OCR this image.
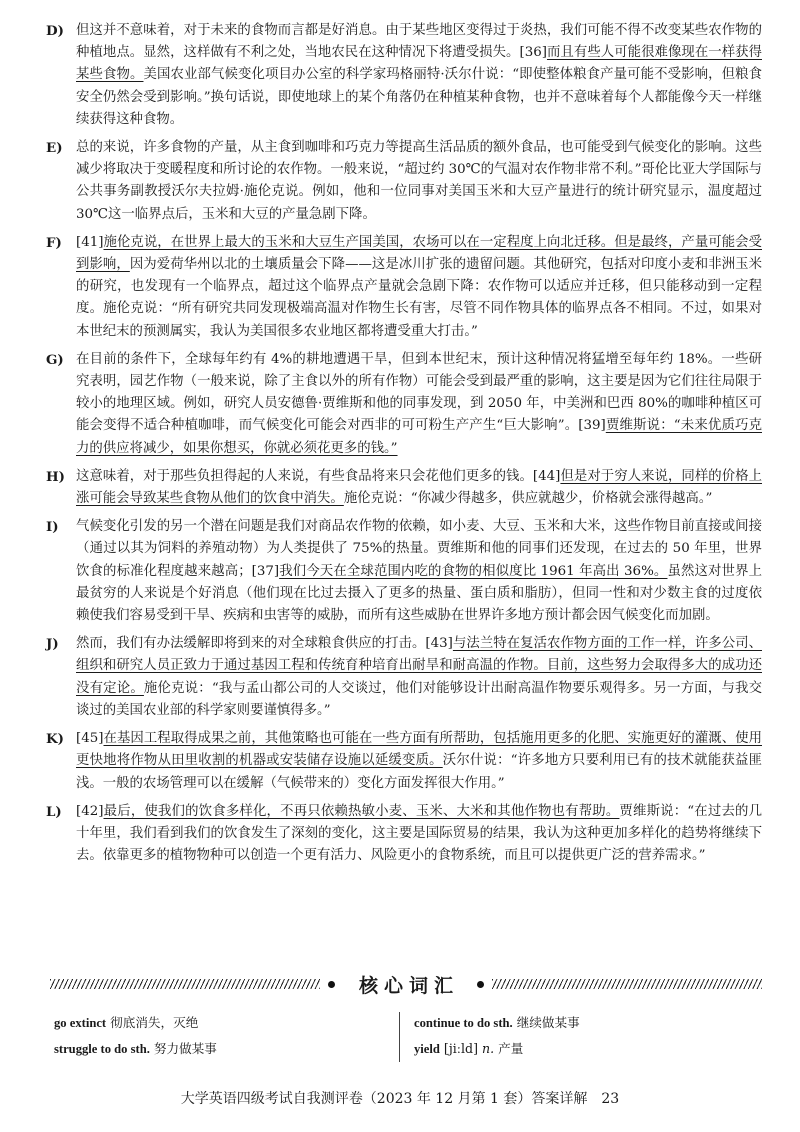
D) 但这并不意味着，对于未来的食物而言都是好消息。由于某些地区变得过于炎热，我们可能不得不改变某些农作物的种植地点。显然，这样做有不利之处，当地农民在这种情况下将遭受损失。[36]而且有些人可能很难像现在一样获得某些食物。美国农业部气候变化项目办公室的科学家玛格丽特·沃尔什说：“即使整体粮食产量可能不受影响，但粮食安全仍然会受到影响。”换句话说，即使地球上的某个角落仍在种植某种食物，也并不意味着每个人都能像今天一样继续获得这种食物。

E) 总的来说，许多食物的产量，从主食到咖啡和巧克力等提高生活品质的额外食品，也可能受到气候变化的影响。这些减少将取决于变暖程度和所讨论的农作物。一般来说，“超过约 30℃的气温对农作物非常不利。”哥伦比亚大学国际与公共事务副教授沃尔夫拉姆·施伦克说。例如，他和一位同事对美国玉米和大豆产量进行的统计研究显示，温度超过 30℃这一临界点后，玉米和大豆的产量急剧下降。

F) [41]施伦克说，在世界上最大的玉米和大豆生产国美国，农场可以在一定程度上向北迁移。但是最终，产量可能会受到影响，因为爱荷华州以北的土壤质量会下降——这是冰川扩张的遗留问题。其他研究，包括对印度小麦和非洲玉米的研究，也发现有一个临界点，超过这个临界点产量就会急剧下降：农作物可以适应并迁移，但只能移动到一定程度。施伦克说：“所有研究共同发现极端高温对作物生长有害，尽管不同作物具体的临界点各不相同。不过，如果对本世纪末的预测属实，我认为美国很多农业地区都将遭受重大打击。”

G) 在目前的条件下，全球每年约有 4%的耕地遭遇干旱，但到本世纪末，预计这种情况将猛增至每年约 18%。一些研究表明，园艺作物（一般来说，除了主食以外的所有作物）可能会受到最严重的影响，这主要是因为它们往往局限于较小的地理区域。例如，研究人员安德鲁·贾维斯和他的同事发现，到 2050 年，中美洲和巴西 80%的咖啡种植区可能会变得不适合种植咖啡，而气候变化可能会对西非的可可粉生产产生“巨大影响”。[39]贾维斯说：“未来优质巧克力的供应将减少，如果你想买，你就必须花更多的钱。”

H) 这意味着，对于那些负担得起的人来说，有些食品将来只会花他们更多的钱。[44]但是对于穷人来说，同样的价格上涨可能会导致某些食物从他们的饮食中消失。施伦克说：“你减少得越多，供应就越少，价格就会涨得越高。”

I) 气候变化引发的另一个潜在问题是我们对商品农作物的依赖，如小麦、大豆、玉米和大米，这些作物目前直接或间接（通过以其为饲料的养殖动物）为人类提供了 75%的热量。贾维斯和他的同事们还发现，在过去的 50 年里，世界饮食的标准化程度越来越高；[37]我们今天在全球范围内吃的食物的相似度比 1961 年高出 36%。虽然这对世界上最贫穷的人来说是个好消息（他们现在比过去摄入了更多的热量、蛋白质和脂肪），但同一性和对少数主食的过度依赖使我们容易受到干旱、疾病和虫害等的威胁，而所有这些威胁在世界许多地方预计都会因气候变化而加剧。

J) 然而，我们有办法缓解即将到来的对全球粮食供应的打击。[43]与法兰特在复活农作物方面的工作一样，许多公司、组织和研究人员正致力于通过基因工程和传统育种培育出耐旱和耐高温的作物。目前，这些努力会取得多大的成功还没有定论。施伦克说：“我与孟山都公司的人交谈过，他们对能够设计出耐高温作物要乐观得多。另一方面，与我交谈过的美国农业部的科学家则要谨慎得多。”

K) [45]在基因工程取得成果之前，其他策略也可能在一些方面有所帮助，包括施用更多的化肥、实施更好的灌溉、使用更快地将作物从田里收割的机器或安装储存设施以延缓变质。沃尔什说：“许多地方只要利用已有的技术就能获益匪浅。一般的农场管理可以在缓解（气候带来的）变化方面发挥很大作用。”

L) [42]最后，使我们的饮食多样化，不再只依赖热敏小麦、玉米、大米和其他作物也有帮助。贾维斯说：“在过去的几十年里，我们看到我们的饮食发生了深刻的变化，这主要是国际贸易的结果，我认为这种更加多样化的趋势将继续下去。依靠更多的植物物种可以创造一个更有活力、风险更小的食物系统，而且可以提供更广泛的营养需求。”

核心词汇
go extinct 彻底消失，灭绝
struggle to do sth. 努力做某事
continue to do sth. 继续做某事
yield [jiːld] n. 产量
大学英语四级考试自我测评卷（2023 年 12 月第 1 套）答案详解 23
